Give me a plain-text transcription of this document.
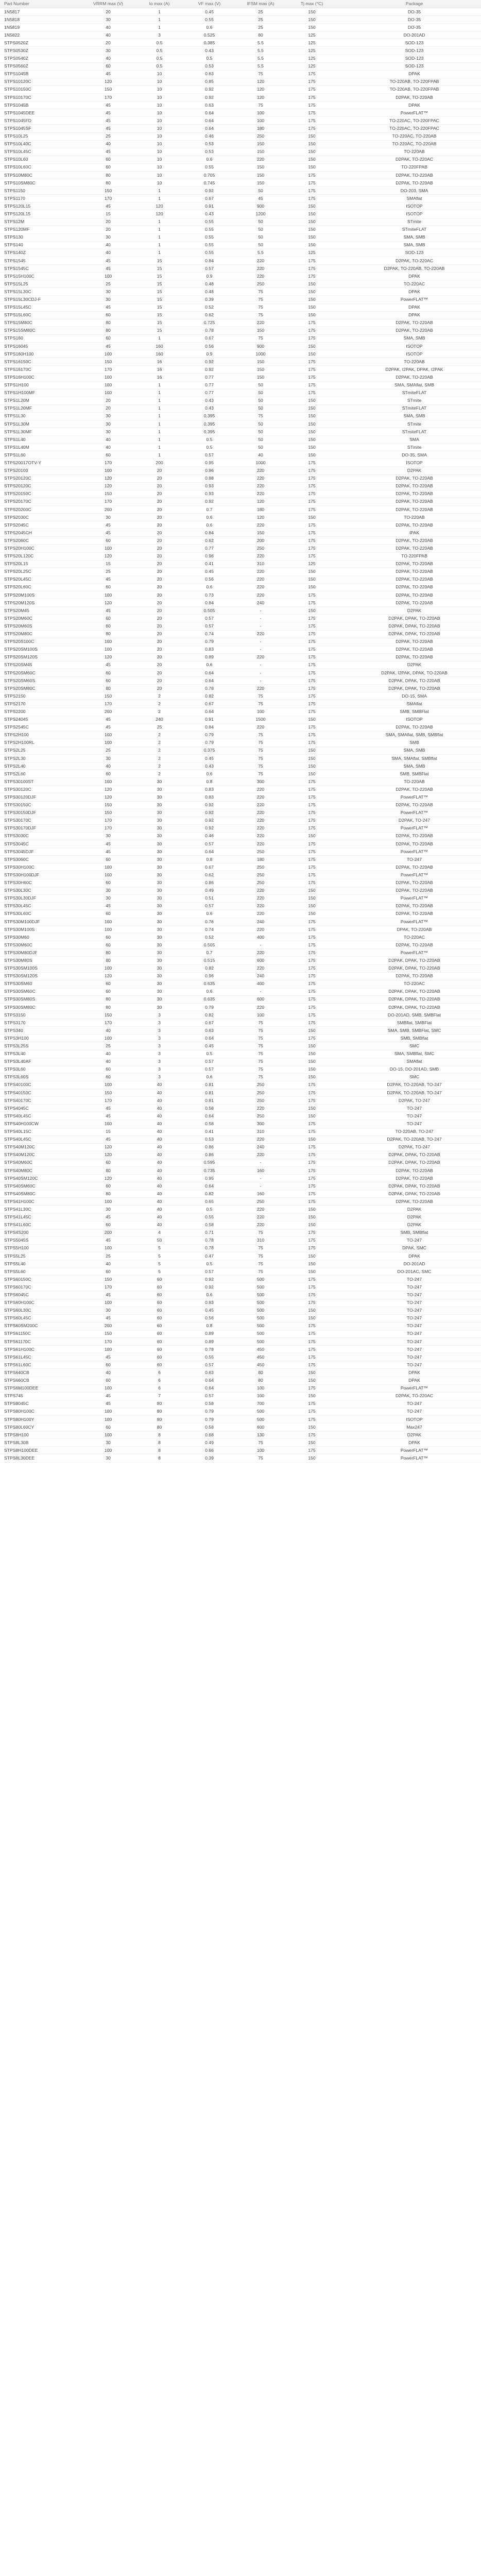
Part Number	VRRM max (V)	Io max (A)	VF max (V)	IFSM max (A)	Tj max (°C)	Package
1N5817	20	1	0.45	25	150	DO-35
1N5818	30	1	0.55	25	150	DO-35
1N5819	40	1	0.6	25	150	DO-35
1N5822	40	3	0.525	80	125	DO-201AD
STPS0520Z	20	0.5	0.385	5.5	125	SOD-123
STPS0530Z	30	0.5	0.43	5.5	125	SOD-123
STPS0540Z	40	0.5	0.5	5.5	125	SOD-123
STPS0560Z	60	0.5	0.53	5.5	125	SOD-123
STPS1045B	45	10	0.63	75	175	DPAK
STPS10120C	120	10	0.85	120	175	TO-220AB, TO-220FPAB
STPS10150C	150	10	0.92	120	175	TO-220AB, TO-220FPAB
STPS10170C	170	10	0.92	120	175	D2PAK, TO-220AB
STPS1045B	45	10	0.63	75	175	DPAK
STPS1045DEE	45	10	0.64	100	175	PowerFLAT™
STPS1045FD	45	10	0.64	100	175	TO-220AC, TO-220FPAC
STPS1045SF	45	10	0.64	180	175	TO-220AC, TO-220FPAC
STPS10L25	25	10	0.46	250	150	TO-220AC, TO-220AB
STPS10L40C	40	10	0.53	150	150	TO-220AC, TO-220AB
STPS10L45C	45	10	0.53	150	150	TO-220AB
STPS10L60	60	10	0.6	220	150	D2PAK, TO-220AC
STPS10L60C	60	10	0.55	150	150	TO-220FPAB
STPS10M80C	80	10	0.705	150	175	D2PAK, TO-220AB
STPS10SM80C	80	10	0.745	150	175	D2PAK, TO-220AB
STPS1150	150	1	0.92	50	175	DO-203, SMA
STPS1170	170	1	0.67	45	175	SMAflat
STPS120L15	45	120	0.91	900	150	ISOTOP
STPS120L15	15	120	0.43	1200	150	ISOTOP
STPS12M	20	1	0.55	50	150	STmite
STPS120MF	20	1	0.55	50	150	STmiteFLAT
STPS130	30	1	0.55	50	150	SMA, SMB
STPS140	40	1	0.55	50	150	SMA, SMB
STPS140Z	40	1	0.55	5.5	125	SOD-123
STPS1545	45	15	0.84	220	175	D2PAK, TO-220AC
STPS1545C	45	15	0.57	220	175	D2PAK, TO-220AB, TO-220AB
STPS15H100C	100	15	0.9	220	175	DPAK
STPS15L25	25	15	0.48	250	150	TO-220AC
STPS15L30C	30	15	0.48	75	150	DPAK
STPS15L30CDJ-F	30	15	0.39	75	150	PowerFLAT™
STPS15L45C	45	15	0.52	75	150	DPAK
STPS15L60C	60	15	0.62	75	150	DPAK
STPS15M80C	80	15	0.725	220	175	D2PAK, TO-220AB
STPS15SM80C	80	15	0.78	150	175	D2PAK, TO-220AB
STPS160	60	1	0.67	75	175	SMA, SMB
STPS16045	45	160	0.56	900	150	ISOTOP
STPS160H100	100	160	0.9	1000	150	ISOTOP
STPS16150C	150	16	0.92	150	175	TO-220AB
STPS16170C	170	16	0.92	150	175	D2PAK, I2PAK, DPAK, I2PAK
STPS16H100C	100	16	0.77	150	175	D2PAK, TO-220AB
STPS1H100	100	1	0.77	50	175	SMA, SMAflat, SMB
STPS1H100MF	100	1	0.77	50	175	STmiteFLAT
STPS1L20M	20	1	0.43	50	150	STmite
STPS1L20MF	20	1	0.43	50	150	STmiteFLAT
STPS1L30	30	1	0.395	75	150	SMA, SMB
STPS1L30M	30	1	0.395	50	150	STmite
STPS1L30MF	30	1	0.395	50	150	STmiteFLAT
STPS1L40	40	1	0.5	50	150	SMA
STPS1L40M	40	1	0.5	50	150	STmite
STPS1L60	60	1	0.57	40	150	DO-35, SMA
STPS20017OTV-Y	170	200	0.95	1000	175	ISOTOP
STPS20100	100	20	0.96	220	175	D2PAK
STPS20120C	120	20	0.88	220	175	D2PAK, TO-220AB
STPS20120C	120	20	0.93	220	175	D2PAK, TO-220AB
STPS20150C	150	20	0.93	220	175	D2PAK, TO-220AB
STPS20170C	170	20	0.92	120	175	D2PAK, TO-220AB
STPS20200C	200	20	0.7	180	175	D2PAK, TO-220AB
STPS2030C	30	20	0.6	120	150	TO-220AB
STPS2045C	45	20	0.6	220	175	D2PAK, TO-220AB
STPS2045CH	45	20	0.84	150	175	IPAK
STPS2060C	60	20	0.62	200	175	D2PAK, TO-220AB
STPS20H100C	100	20	0.77	250	175	D2PAK, TO-220AB
STPS20L120C	120	20	0.96	220	175	TO-220FPAB
STPS20L15	15	20	0.41	310	125	D2PAK, TO-220AB
STPS20L25C	25	20	0.45	220	150	D2PAK, TO-220AB
STPS20L45C	45	20	0.56	220	150	D2PAK, TO-220AB
STPS20L60C	60	20	0.6	220	150	D2PAK, TO-220AB
STPS20M100S	100	20	0.73	220	175	D2PAK, TO-220AB
STPS20M120S	120	20	0.84	240	175	D2PAK, TO-220AB
STPS20M45	45	20	0.505	-	150	D2PAK
STPS20M60C	60	20	0.57	-	175	D2PAK, DPAK, TO-220AB
STPS20M60S	60	20	0.57	-	175	D2PAK, DPAK, TO-220AB
STPS20M80C	80	20	0.74	220	175	D2PAK, DPAK, TO-220AB
STPS20S100C	100	20	0.79	-	175	D2PAK, TO-220AB
STPS20SM100S	100	20	0.83	-	175	D2PAK, TO-220AB
STPS20SM120S	120	20	0.89	220	175	D2PAK, TO-220AB
STPS20SM45	45	20	0.6	-	175	D2PAK
STPS20SM60C	60	20	0.64	-	175	D2PAK, I2PAK, DPAK, TO-220AB
STPS20SM60S	60	20	0.64	-	175	D2PAK, DPAK, TO-220AB
STPS20SM80C	80	20	0.78	220	175	D2PAK, DPAK, TO-220AB
STPS2150	150	2	0.82	75	175	DO-15, SMA
STPS2170	170	2	0.67	75	175	SMAflat
STPS2200	200	2	0.64	100	175	SMB, SMBFlat
STPS24045	45	240	0.91	1500	150	ISOTOP
STPS2545C	45	25	0.84	220	175	D2PAK, TO-220AB
STPS2H100	100	2	0.79	75	175	SMA, SMAflat, SMB, SMBflat
STPS2H100RL	100	2	0.79	75	175	SMB
STPS2L25	25	2	0.375	75	150	SMA, SMB
STPS2L30	30	2	0.45	75	150	SMA, SMAflat, SMBflat
STPS2L40	40	2	0.43	75	150	SMA, SMB
STPS2L60	60	2	0.6	75	150	SMB, SMBFlat
STPS30100ST	100	30	0.8	300	175	TO-220AB
STPS30120C	120	30	0.83	220	175	D2PAK, TO-220AB
STPS30120DJF	120	30	0.83	220	175	PowerFLAT™
STPS30150C	150	30	0.92	220	175	D2PAK, TO-220AB
STPS30150DJF	150	30	0.92	220	175	PowerFLAT™
STPS30170C	170	30	0.92	220	175	D2PAK, TO-247
STPS30170DJF	170	30	0.92	220	175	PowerFLAT™
STPS3030C	30	30	0.46	220	150	D2PAK, TO-220AB
STPS3045C	45	30	0.57	220	175	D2PAK, TO-220AB
STPS3045DJF	45	30	0.64	250	175	PowerFLAT™
STPS3060C	60	30	0.8	180	175	TO-247
STPS30H100C	100	30	0.67	250	175	D2PAK, TO-220AB
STPS30H100DJF	100	30	0.62	250	175	PowerFLAT™
STPS30H60C	60	30	0.86	250	175	D2PAK, TO-220AB
STPS30L30C	30	30	0.49	220	150	D2PAK, TO-220AB
STPS30L30DJF	30	30	0.51	220	150	PowerFLAT™
STPS30L45C	45	30	0.57	220	150	D2PAK, TO-220AB
STPS30L60C	60	30	0.6	220	150	D2PAK, TO-220AB
STPS30M100DJF	100	30	0.76	240	175	PowerFLAT™
STPS30M100S	100	30	0.74	220	175	DPAK, TO-220AB
STPS30M60	60	30	0.52	400	175	TO-220AC
STPS30M60C	60	30	0.505	-	175	D2PAK, TO-220AB
STPS30M80DJF	80	30	0.7	220	175	PowerFLAT™
STPS30M80S	80	30	0.515	600	175	D2PAK, DPAK, TO-220AB
STPS30SM100S	100	30	0.82	220	175	D2PAK, DPAK, TO-220AB
STPS30SM120S	120	30	0.96	240	175	D2PAK, TO-220AB
STPS30SM60	60	30	0.635	400	175	TO-220AC
STPS30SM60C	60	30	0.6	-	175	D2PAK, DPAK, TO-220AB
STPS30SM80S	80	30	0.635	600	175	D2PAK, DPAK, TO-220AB
STPS30SM80C	80	30	0.79	220	175	D2PAK, DPAK, TO-220AB
STPS3150	150	3	0.82	100	175	DO-201AD, SMB, SMBFlat
STPS3170	170	3	0.67	75	175	SMBflat, SMBFlat
STPS340	40	3	0.63	75	150	SMA, SMB, SMBFlat, SMC
STPS3H100	100	3	0.64	75	175	SMB, SMBflat
STPS3L25S	25	3	0.45	75	150	SMC
STPS3L40	40	3	0.5	75	150	SMA, SMBflat, SMC
STPS3L40AF	40	3	0.57	75	150	SMAflat
STPS3L60	60	3	0.57	75	150	DO-15, DO-201AD, SMB
STPS3L60S	60	3	0.6	75	150	SMC
STPS40100C	100	40	0.81	250	175	D2PAK, TO-220AB, TO-247
STPS40150C	150	40	0.81	250	175	D2PAK, TO-220AB, TO-247
STPS40170C	170	40	0.81	250	175	D2PAK, TO-247
STPS4045C	45	40	0.58	220	150	TO-247
STPS40L45C	45	40	0.64	250	150	TO-247
STPS40H100CW	100	40	0.58	300	175	TO-247
STPS40L15C	15	40	0.41	310	175	TO-220AB, TO-247
STPS40L45C	45	40	0.53	220	150	D2PAK, TO-220AB, TO-247
STPS40M120C	120	40	0.86	240	175	D2PAK, TO-247
STPS40M120C	120	40	0.86	220	175	D2PAK, DPAK, TO-220AB
STPS40M60C	60	40	0.595	-	175	D2PAK, DPAK, TO-220AB
STPS40M80C	80	40	0.735	160	175	D2PAK, TO-220AB
STPS40SM120C	120	40	0.95	-	175	D2PAK, TO-220AB
STPS40SM60C	60	40	0.64	-	175	D2PAK, DPAK, TO-220AB
STPS40SM80C	80	40	0.82	160	175	D2PAK, DPAK, TO-220AB
STPS41H100C	100	40	0.65	250	175	D2PAK, TO-220AB
STPS41L30C	30	40	0.5	220	150	D2PAK
STPS41L45C	45	40	0.55	220	150	D2PAK
STPS41L60C	60	40	0.58	220	150	D2PAK
STPS4S200	200	4	0.71	75	175	SMB, SMBflat
STPS5045S	45	50	0.78	310	175	TO-247
STPS5H100	100	5	0.78	75	175	DPAK, SMC
STPS5L25	25	5	0.47	75	150	DPAK
STPS5L40	40	5	0.5	75	150	DO-201AD
STPS5L60	60	5	0.57	75	150	DO-201AC, SMC
STPS60150C	150	60	0.92	500	175	TO-247
STPS60170C	170	60	0.92	500	175	TO-247
STPS6045C	45	60	0.6	500	175	TO-247
STPS60H100C	100	60	0.83	500	175	TO-247
STPS60L30C	30	60	0.45	500	150	TO-247
STPS60L45C	45	60	0.56	500	150	TO-247
STPS60SM200C	200	60	0.8	500	175	TO-247
STPS61150C	150	60	0.89	500	175	TO-247
STPS61170C	170	60	0.89	500	175	TO-247
STPS61H100C	100	60	0.78	450	175	TO-247
STPS61L45C	45	60	0.55	450	175	TO-247
STPS61L60C	60	60	0.57	450	175	TO-247
STPS640CB	40	6	0.63	80	150	DPAK
STPS660CB	60	6	0.64	80	150	DPAK
STPS6M100DEE	100	6	0.64	100	175	PowerFLAT™
STPS745	45	7	0.57	100	150	D2PAK, TO-220AC
STPS8045C	45	80	0.58	700	175	TO-247
STPS80H100C	100	80	0.79	500	175	TO-247
STPS80H100Y	100	80	0.79	500	175	ISOTOP
STPS80L60CY	60	80	0.58	600	150	Max247
STPS8H100	100	8	0.68	130	175	D2PAK
STPS8L30B	30	8	0.49	75	150	DPAK
STPS8H100DEE	100	8	0.66	100	175	PowerFLAT™
STPS8L30DEE	30	8	0.39	75	150	PowerFLAT™
